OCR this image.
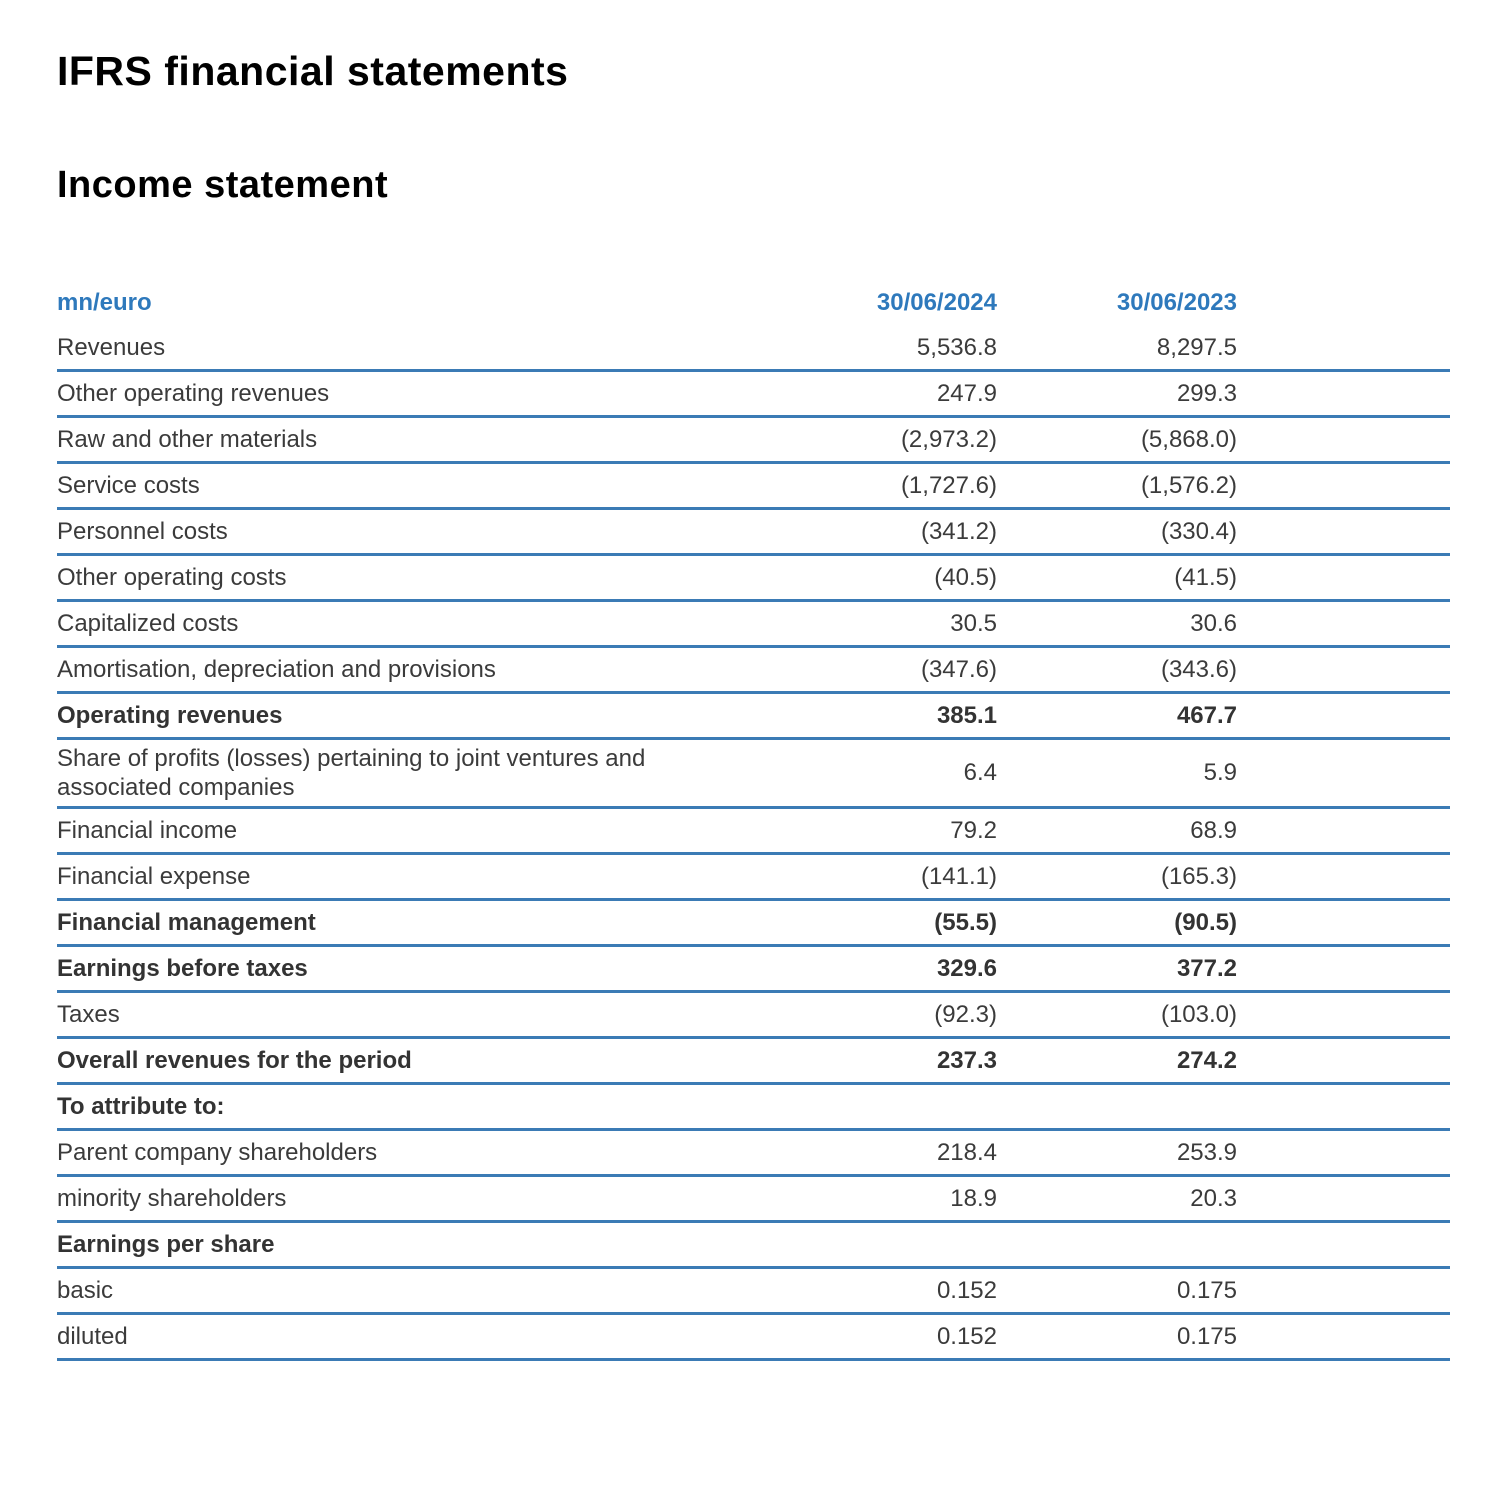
IFRS financial statements
Income statement
mn/euro	30/06/2024	30/06/2023
Revenues	5,536.8	8,297.5
Other operating revenues	247.9	299.3
Raw and other materials	(2,973.2)	(5,868.0)
Service costs	(1,727.6)	(1,576.2)
Personnel costs	(341.2)	(330.4)
Other operating costs	(40.5)	(41.5)
Capitalized costs	30.5	30.6
Amortisation, depreciation and provisions	(347.6)	(343.6)
Operating revenues	385.1	467.7
Share of profits (losses) pertaining to joint ventures and associated companies
6.4	5.9
Financial income	79.2	68.9
Financial expense	(141.1)	(165.3)
Financial management	(55.5)	(90.5)
Earnings before taxes	329.6	377.2
Taxes	(92.3)	(103.0)
Overall revenues for the period	237.3	274.2
To attribute to:
Parent company shareholders	218.4	253.9
minority shareholders	18.9	20.3
Earnings per share
basic	0.152	0.175
diluted	0.152	0.175
